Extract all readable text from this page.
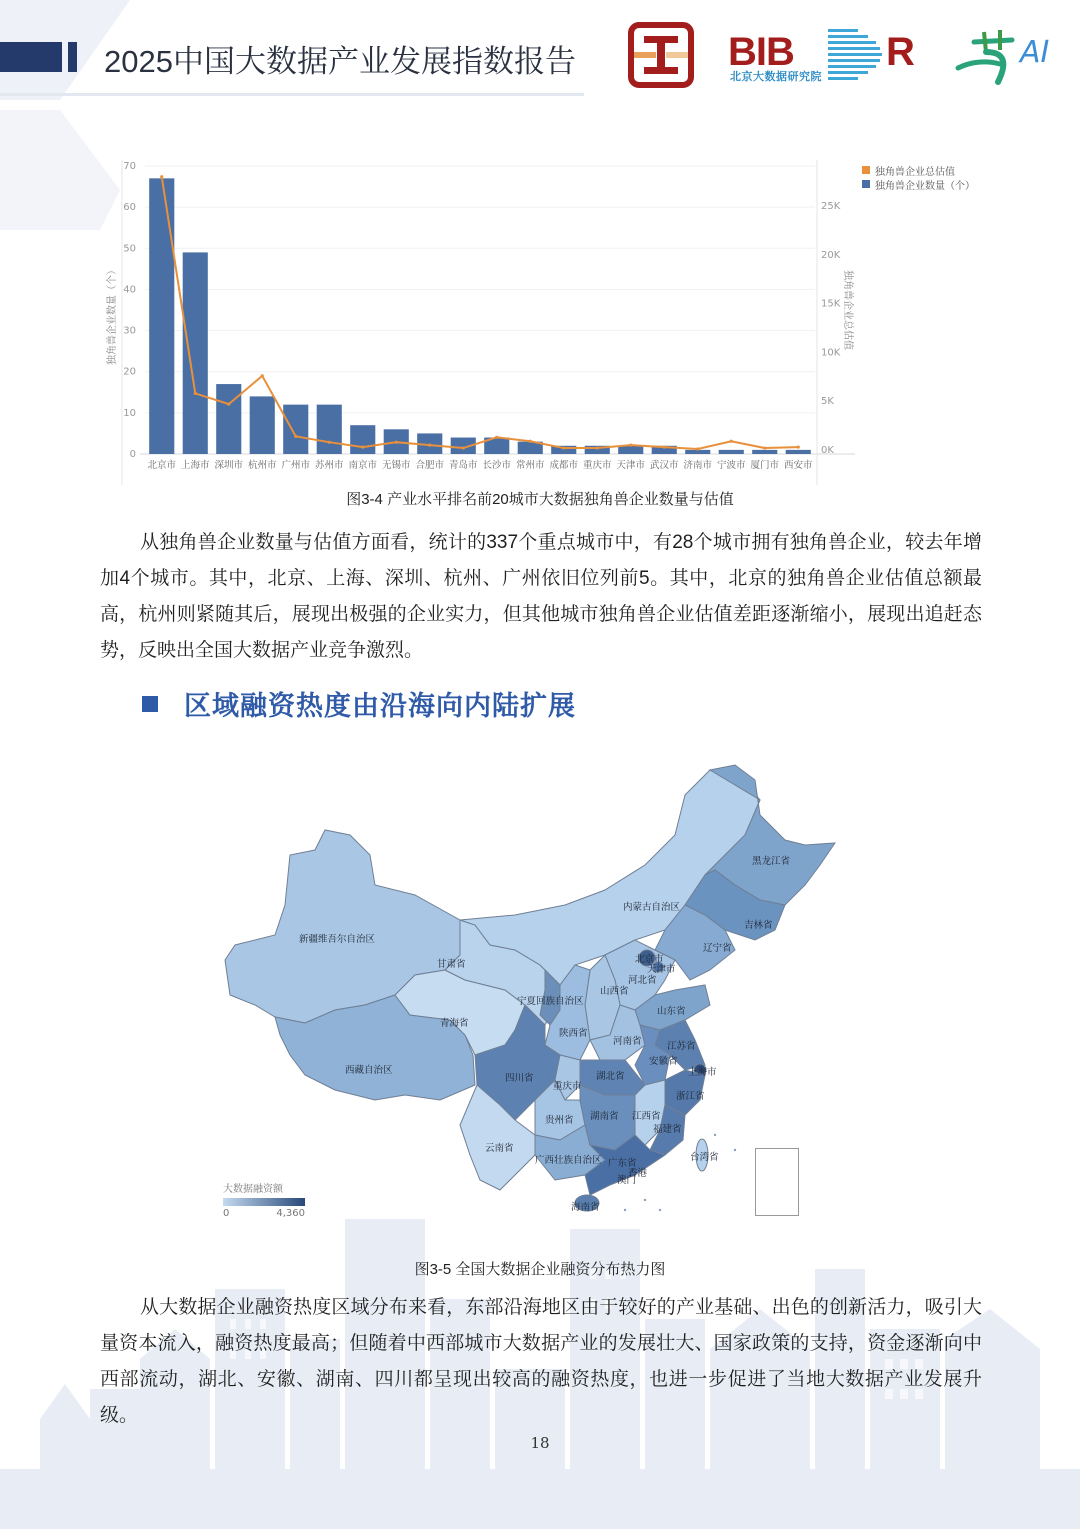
2025中国大数据产业发展指数报告	BIB R
北京大数据研究院
AI
0
10
20
30
40
50
60
70
0K
5K
10K
15K
20K
25K
独角兽企业数量（个）	独角兽企业总估值
北京市 上海市 深圳市 杭州市 广州市 苏州市 南京市 无锡市 合肥市 青岛市 长沙市 常州市 成都市 重庆市 天津市 武汉市 济南市 宁波市 厦门市 西安市
独角兽企业总估值
独角兽企业数量（个）
图3-4 产业水平排名前20城市大数据独角兽企业数量与估值
从独角兽企业数量与估值方面看，统计的337个重点城市中，有28个城市拥有独角兽企业，较去年增加4个城市。其中，北京、上海、深圳、杭州、广州依旧位列前5。其中，北京的独角兽企业估值总额最高，杭州则紧随其后，展现出极强的企业实力，但其他城市独角兽企业估值差距逐渐缩小，展现出追赶态势，反映出全国大数据产业竞争激烈。
区域融资热度由沿海向内陆扩展
新疆维吾尔自治区
甘肃省
青海省
西藏自治区
内蒙古自治区
黑龙江省
吉林省
辽宁省
北京市
天津市
河北省
山西省
宁夏回族自治区
山东省
陕西省
河南省	江苏省
安徽省
四川省	湖北省	上海市
重庆市
浙江省
贵州省 湖南省 江西省
福建省
云南省
广西壮族自治区 广东省
香港
澳门
台湾省
海南省
大数据融资额
0	4,360
图3-5 全国大数据企业融资分布热力图
从大数据企业融资热度区域分布来看，东部沿海地区由于较好的产业基础、出色的创新活力，吸引大量资本流入，融资热度最高；但随着中西部城市大数据产业的发展壮大、国家政策的支持，资金逐渐向中西部流动，湖北、安徽、湖南、四川都呈现出较高的融资热度，也进一步促进了当地大数据产业发展升级。
18
